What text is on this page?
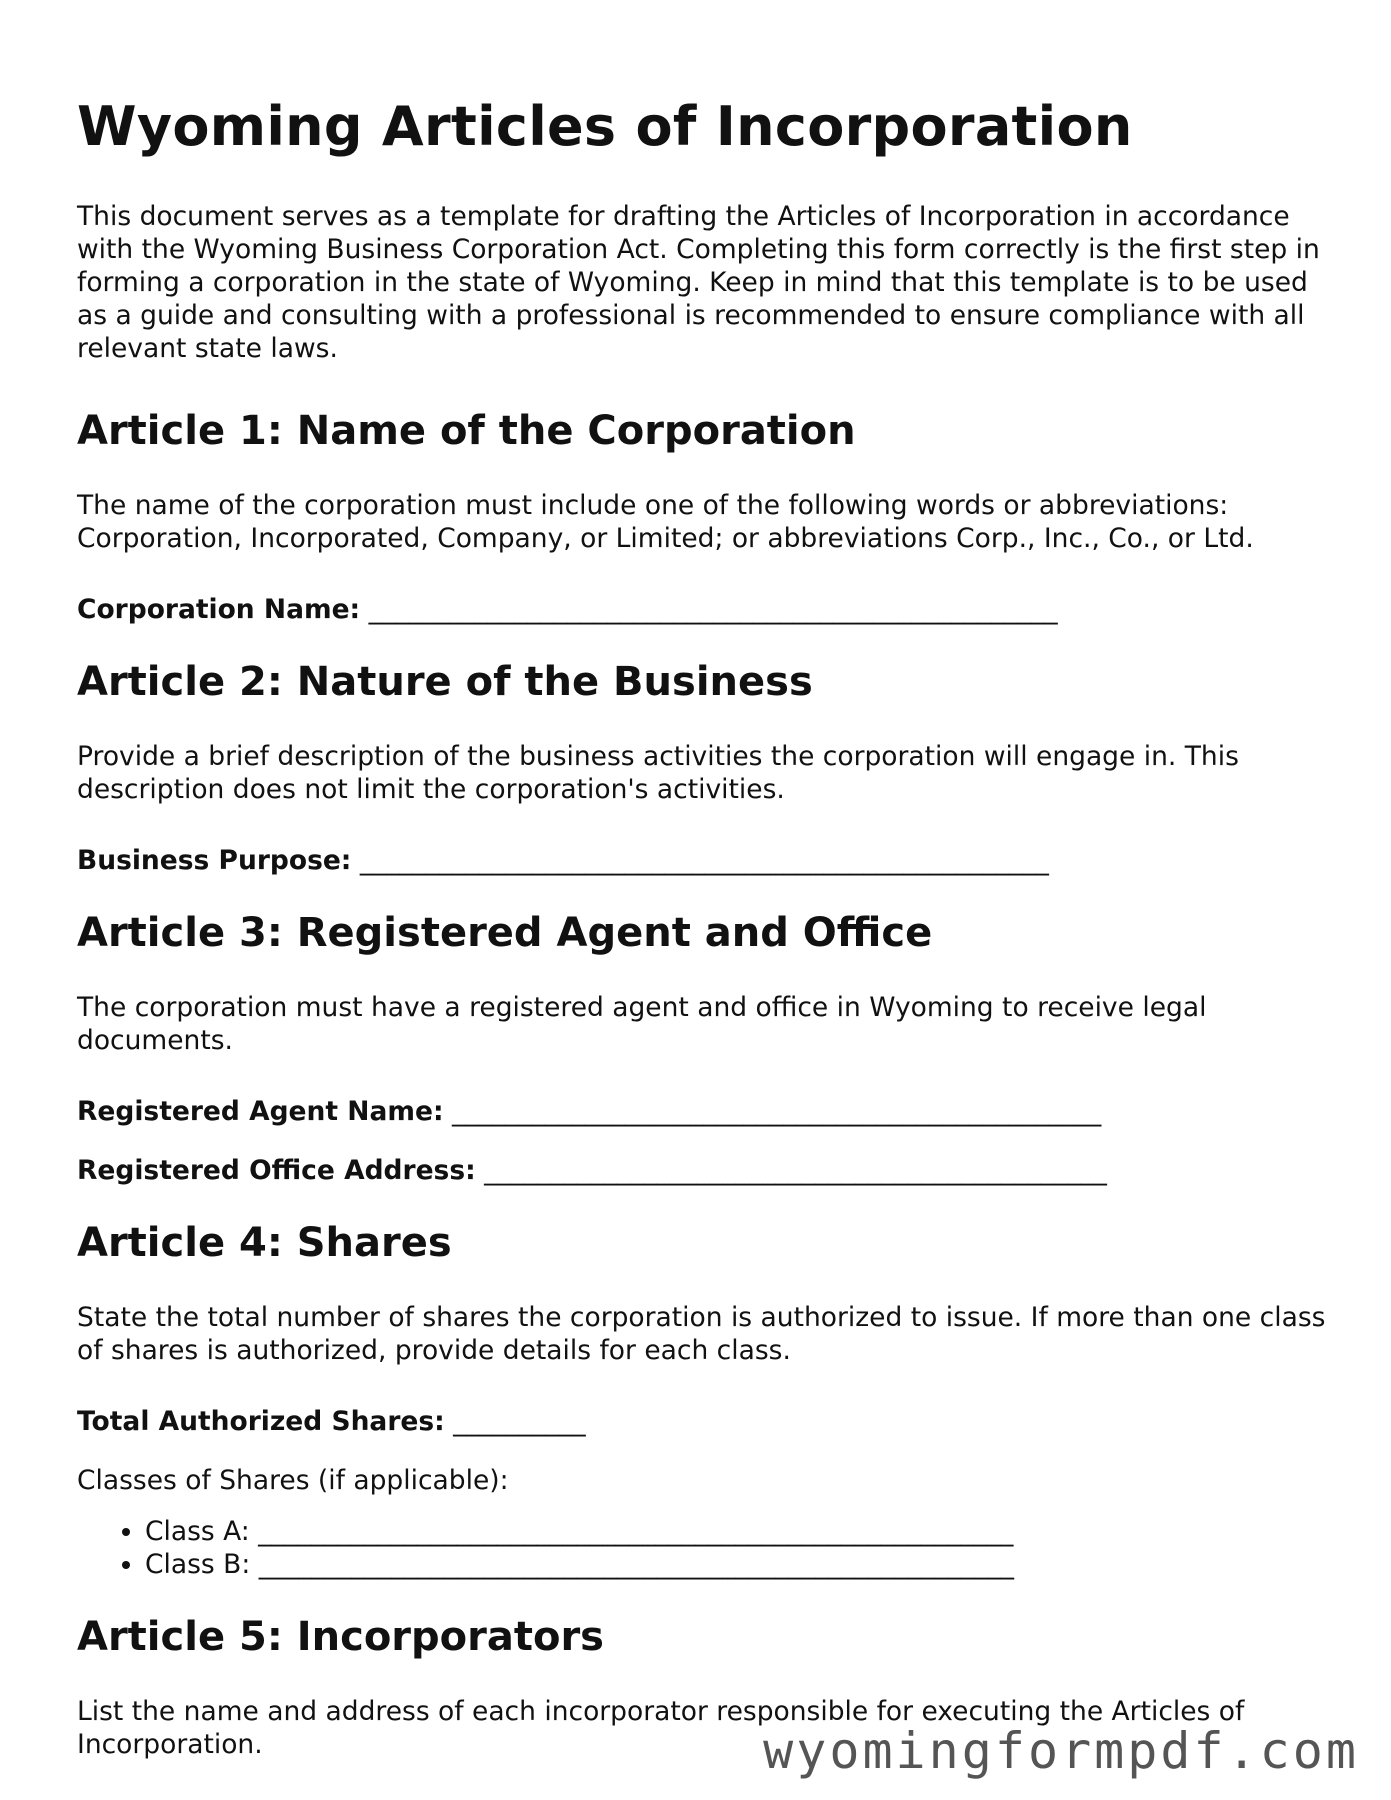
Wyoming Articles of Incorporation

This document serves as a template for drafting the Articles of Incorporation in accordance with the Wyoming Business Corporation Act. Completing this form correctly is the first step in forming a corporation in the state of Wyoming. Keep in mind that this template is to be used as a guide and consulting with a professional is recommended to ensure compliance with all relevant state laws.

Article 1: Name of the Corporation

The name of the corporation must include one of the following words or abbreviations: Corporation, Incorporated, Company, or Limited; or abbreviations Corp., Inc., Co., or Ltd.

Corporation Name: ____________________________________________________
Article 2: Nature of the Business

Provide a brief description of the business activities the corporation will engage in. This description does not limit the corporation's activities.

Business Purpose: ____________________________________________________
Article 3: Registered Agent and Office

The corporation must have a registered agent and office in Wyoming to receive legal documents.

Registered Agent Name: _________________________________________________
Registered Office Address: _______________________________________________
Article 4: Shares

State the total number of shares the corporation is authorized to issue. If more than one class of shares is authorized, provide details for each class.

Total Authorized Shares: __________
Classes of Shares (if applicable):
• Class A: _________________________________________________________
• Class B: _________________________________________________________
Article 5: Incorporators

List the name and address of each incorporator responsible for executing the Articles of Incorporation.	wyomingformpdf.com
